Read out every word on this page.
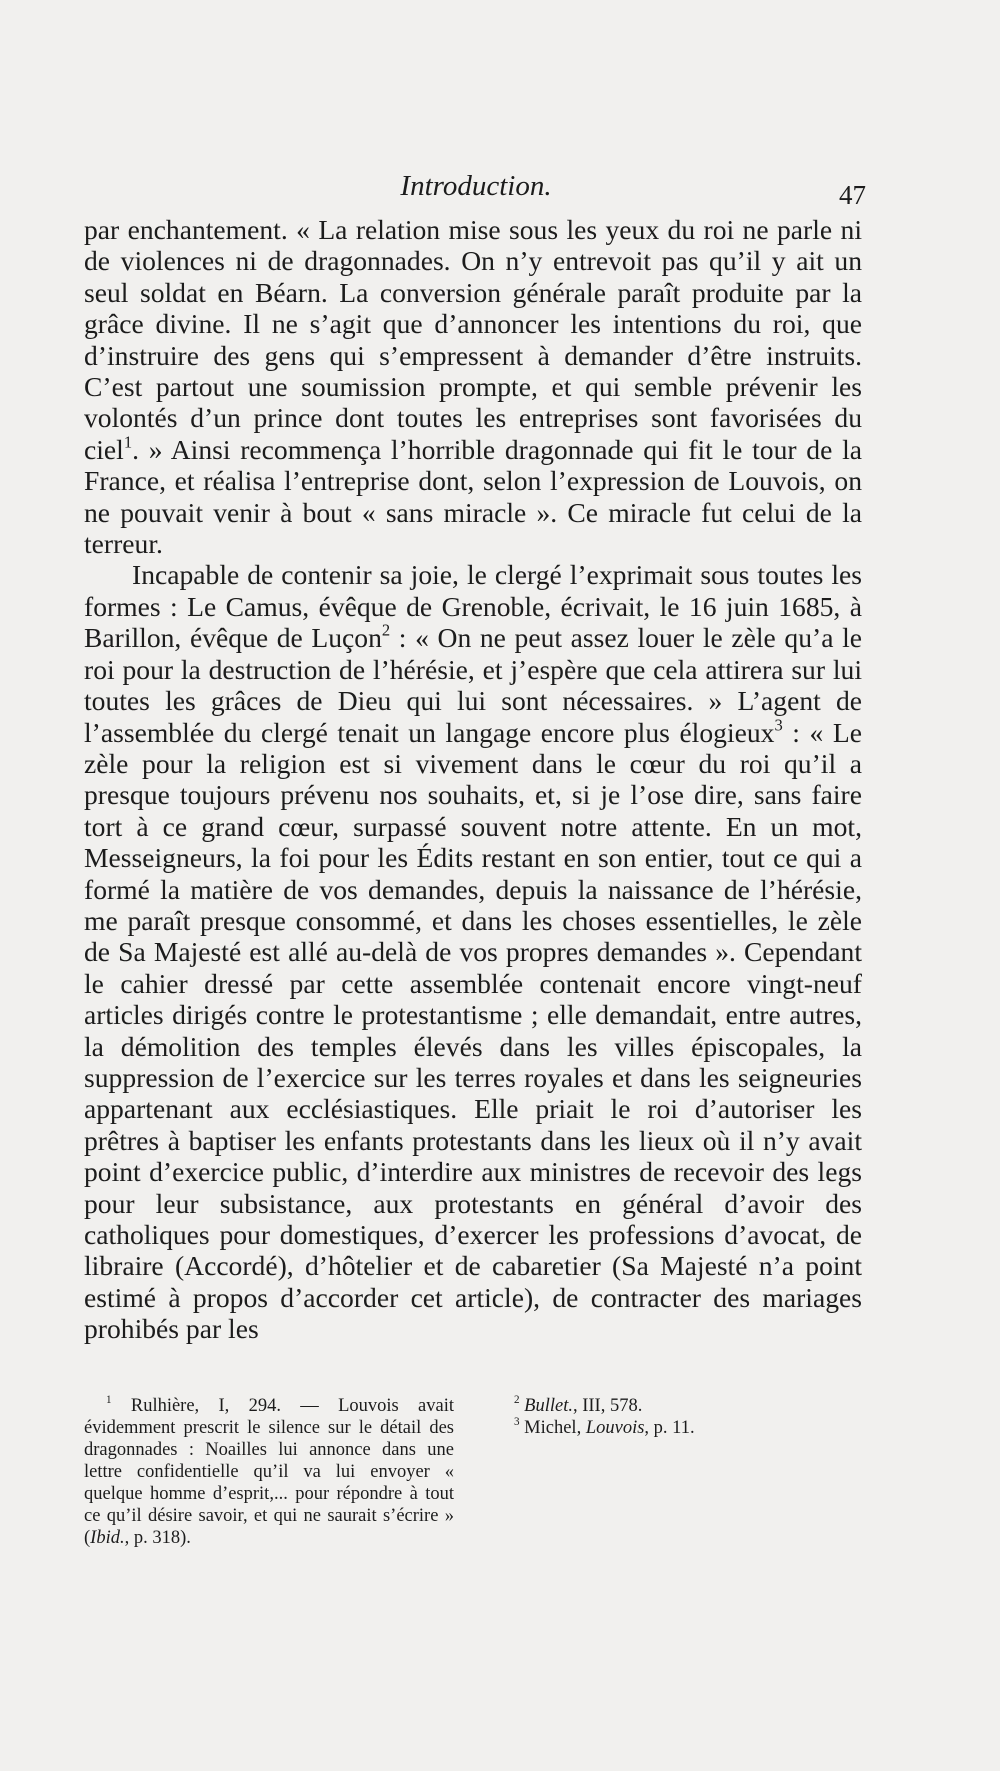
Introduction.	47

par enchantement. « La relation mise sous les yeux du roi ne parle ni de violences ni de dragonnades. On n’y entrevoit pas qu’il y ait un seul soldat en Béarn. La conversion générale paraît produite par la grâce divine. Il ne s’agit que d’annoncer les intentions du roi, que d’instruire des gens qui s’empressent à demander d’être instruits. C’est partout une soumission prompte, et qui semble prévenir les volontés d’un prince dont toutes les entreprises sont favorisées du ciel$^1$. » Ainsi recommença l’horrible dragonnade qui fit le tour de la France, et réalisa l’entreprise dont, selon l’expression de Louvois, on ne pouvait venir à bout « sans miracle ». Ce miracle fut celui de la terreur.

Incapable de contenir sa joie, le clergé l’exprimait sous toutes les formes : Le Camus, évêque de Grenoble, écrivait, le 16 juin 1685, à Barillon, évêque de Luçon$^2$ : « On ne peut assez louer le zèle qu’a le roi pour la destruction de l’hérésie, et j’espère que cela attirera sur lui toutes les grâces de Dieu qui lui sont nécessaires. » L’agent de l’assemblée du clergé tenait un langage encore plus élogieux$^3$ : « Le zèle pour la religion est si vivement dans le cœur du roi qu’il a presque toujours prévenu nos souhaits, et, si je l’ose dire, sans faire tort à ce grand cœur, surpassé souvent notre attente. En un mot, Messeigneurs, la foi pour les Édits restant en son entier, tout ce qui a formé la matière de vos demandes, depuis la naissance de l’hérésie, me paraît presque consommé, et dans les choses essentielles, le zèle de Sa Majesté est allé au-delà de vos propres demandes ». Cependant le cahier dressé par cette assemblée contenait encore vingt-neuf articles dirigés contre le protestantisme ; elle demandait, entre autres, la démolition des temples élevés dans les villes épiscopales, la suppression de l’exercice sur les terres royales et dans les seigneuries appartenant aux ecclésiastiques. Elle priait le roi d’autoriser les prêtres à baptiser les enfants protestants dans les lieux où il n’y avait point d’exercice public, d’interdire aux ministres de recevoir des legs pour leur subsistance, aux protestants en général d’avoir des catholiques pour domestiques, d’exercer les professions d’avocat, de libraire (Accordé), d’hôtelier et de cabaretier (Sa Majesté n’a point estimé à propos d’accorder cet article), de contracter des mariages prohibés par les

$^1$ Rulhière, I, 294. — Louvois avait évidemment prescrit le silence sur le détail des dragonnades : Noailles lui annonce dans une lettre confidentielle qu’il va lui envoyer « quelque homme d’esprit,... pour répondre à tout ce qu’il désire savoir, et qui ne saurait s’écrire » (Ibid., p. 318).

$^2$ Bullet., III, 578.

$^3$ Michel, Louvois, p. 11.
